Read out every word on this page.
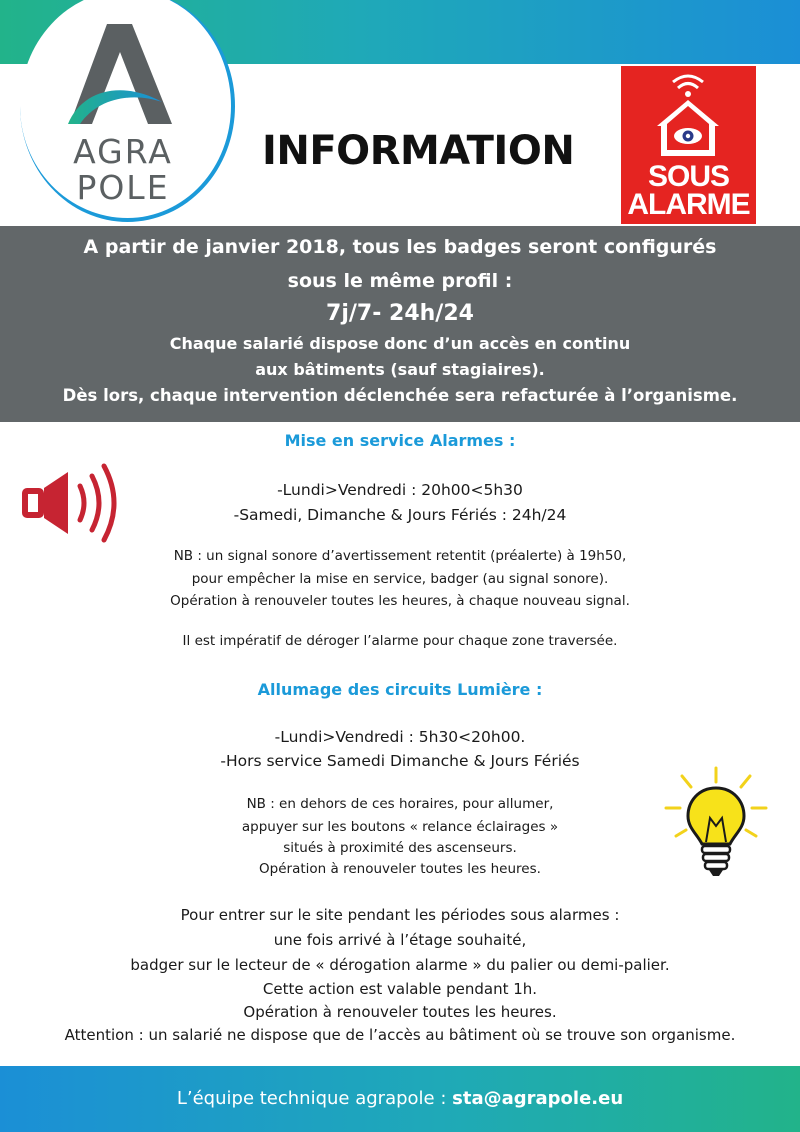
AGRA
POLE
INFORMATION
SOUS
ALARME
A partir de janvier 2018, tous les badges seront configurés
sous le même profil :
7j/7- 24h/24
Chaque salarié dispose donc d’un accès en continu
aux bâtiments (sauf stagiaires).
Dès lors, chaque intervention déclenchée sera refacturée à l’organisme.
Mise en service Alarmes :
-Lundi>Vendredi : 20h00<5h30
-Samedi, Dimanche & Jours Fériés : 24h/24
NB : un signal sonore d’avertissement retentit (préalerte) à 19h50,
pour empêcher la mise en service, badger (au signal sonore).
Opération à renouveler toutes les heures, à chaque nouveau signal.
Il est impératif de déroger l’alarme pour chaque zone traversée.
Allumage des circuits Lumière :
-Lundi>Vendredi : 5h30<20h00.
-Hors service Samedi Dimanche & Jours Fériés
NB : en dehors de ces horaires, pour allumer,
appuyer sur les boutons « relance éclairages »
situés à proximité des ascenseurs.
Opération à renouveler toutes les heures.
Pour entrer sur le site pendant les périodes sous alarmes :
une fois arrivé à l’étage souhaité,
badger sur le lecteur de « dérogation alarme » du palier ou demi-palier.
Cette action est valable pendant 1h.
Opération à renouveler toutes les heures.
Attention : un salarié ne dispose que de l’accès au bâtiment où se trouve son organisme.
L’équipe technique agrapole : sta@agrapole.eu
